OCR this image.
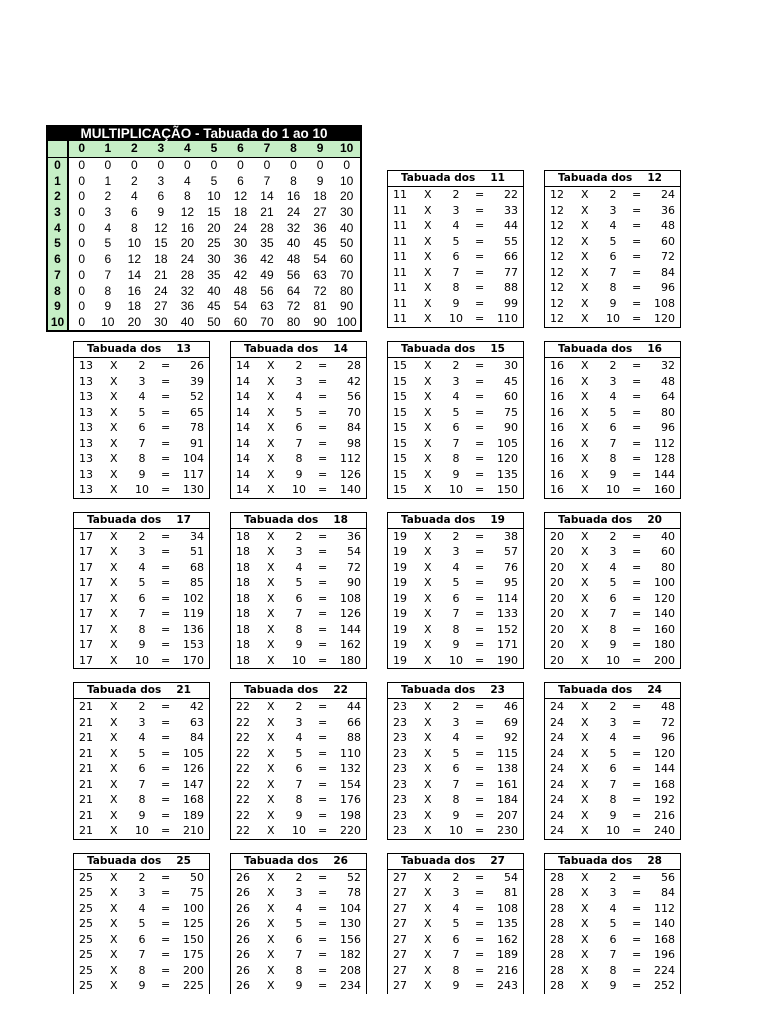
MULTIPLICAÇÃO - Tabuada do 1 ao 10
	0	1	2	3	4	5	6	7	8	9	10
0	0	0	0	0	0	0	0	0	0	0	0
1	0	1	2	3	4	5	6	7	8	9	10
2	0	2	4	6	8	10	12	14	16	18	20
3	0	3	6	9	12	15	18	21	24	27	30
4	0	4	8	12	16	20	24	28	32	36	40
5	0	5	10	15	20	25	30	35	40	45	50
6	0	6	12	18	24	30	36	42	48	54	60
7	0	7	14	21	28	35	42	49	56	63	70
8	0	8	16	24	32	40	48	56	64	72	80
9	0	9	18	27	36	45	54	63	72	81	90
10	0	10	20	30	40	50	60	70	80	90	100
Tabuada dos 11
11 X	2	= 22
11 X	3	= 33
11 X	4	= 44
11 X	5	= 55
11 X	6	= 66
11 X	7	= 77
11 X	8	= 88
11 X	9	= 99
11 X 10 = 110
Tabuada dos 12
12 X	2	= 24
12 X	3	= 36
12 X	4	= 48
12 X	5	= 60
12 X	6	= 72
12 X	7	= 84
12 X	8	= 96
12 X	9	= 108
12 X 10 = 120
Tabuada dos 13
13 X	2	= 26
13 X	3	= 39
13 X	4	= 52
13 X	5	= 65
13 X	6	= 78
13 X	7	= 91
13 X	8	= 104
13 X	9	= 117
13 X 10 = 130
Tabuada dos 14
14 X	2	= 28
14 X	3	= 42
14 X	4	= 56
14 X	5	= 70
14 X	6	= 84
14 X	7	= 98
14 X	8	= 112
14 X	9	= 126
14 X 10 = 140
Tabuada dos 15
15 X	2	= 30
15 X	3	= 45
15 X	4	= 60
15 X	5	= 75
15 X	6	= 90
15 X	7	= 105
15 X	8	= 120
15 X	9	= 135
15 X 10 = 150
Tabuada dos 16
16 X	2	= 32
16 X	3	= 48
16 X	4	= 64
16 X	5	= 80
16 X	6	= 96
16 X	7	= 112
16 X	8	= 128
16 X	9	= 144
16 X 10 = 160
Tabuada dos 17
17 X	2	= 34
17 X	3	= 51
17 X	4	= 68
17 X	5	= 85
17 X	6	= 102
17 X	7	= 119
17 X	8	= 136
17 X	9	= 153
17 X 10 = 170
Tabuada dos 18
18 X	2	= 36
18 X	3	= 54
18 X	4	= 72
18 X	5	= 90
18 X	6	= 108
18 X	7	= 126
18 X	8	= 144
18 X	9	= 162
18 X 10 = 180
Tabuada dos 19
19 X	2	= 38
19 X	3	= 57
19 X	4	= 76
19 X	5	= 95
19 X	6	= 114
19 X	7	= 133
19 X	8	= 152
19 X	9	= 171
19 X 10 = 190
Tabuada dos 20
20 X	2	= 40
20 X	3	= 60
20 X	4	= 80
20 X	5	= 100
20 X	6	= 120
20 X	7	= 140
20 X	8	= 160
20 X	9	= 180
20 X 10 = 200
Tabuada dos 21
21 X	2	= 42
21 X	3	= 63
21 X	4	= 84
21 X	5	= 105
21 X	6	= 126
21 X	7	= 147
21 X	8	= 168
21 X	9	= 189
21 X 10 = 210
Tabuada dos 22
22 X	2	= 44
22 X	3	= 66
22 X	4	= 88
22 X	5	= 110
22 X	6	= 132
22 X	7	= 154
22 X	8	= 176
22 X	9	= 198
22 X 10 = 220
Tabuada dos 23
23 X	2	= 46
23 X	3	= 69
23 X	4	= 92
23 X	5	= 115
23 X	6	= 138
23 X	7	= 161
23 X	8	= 184
23 X	9	= 207
23 X 10 = 230
Tabuada dos 24
24 X	2	= 48
24 X	3	= 72
24 X	4	= 96
24 X	5	= 120
24 X	6	= 144
24 X	7	= 168
24 X	8	= 192
24 X	9	= 216
24 X 10 = 240
Tabuada dos 25
25 X	2	= 50
25 X	3	= 75
25 X	4	= 100
25 X	5	= 125
25 X	6	= 150
25 X	7	= 175
25 X	8	= 200
25 X	9	= 225
Tabuada dos 26
26 X	2	= 52
26 X	3	= 78
26 X	4	= 104
26 X	5	= 130
26 X	6	= 156
26 X	7	= 182
26 X	8	= 208
26 X	9	= 234
Tabuada dos 27
27 X	2	= 54
27 X	3	= 81
27 X	4	= 108
27 X	5	= 135
27 X	6	= 162
27 X	7	= 189
27 X	8	= 216
27 X	9	= 243
Tabuada dos 28
28 X	2	= 56
28 X	3	= 84
28 X	4	= 112
28 X	5	= 140
28 X	6	= 168
28 X	7	= 196
28 X	8	= 224
28 X	9	= 252
